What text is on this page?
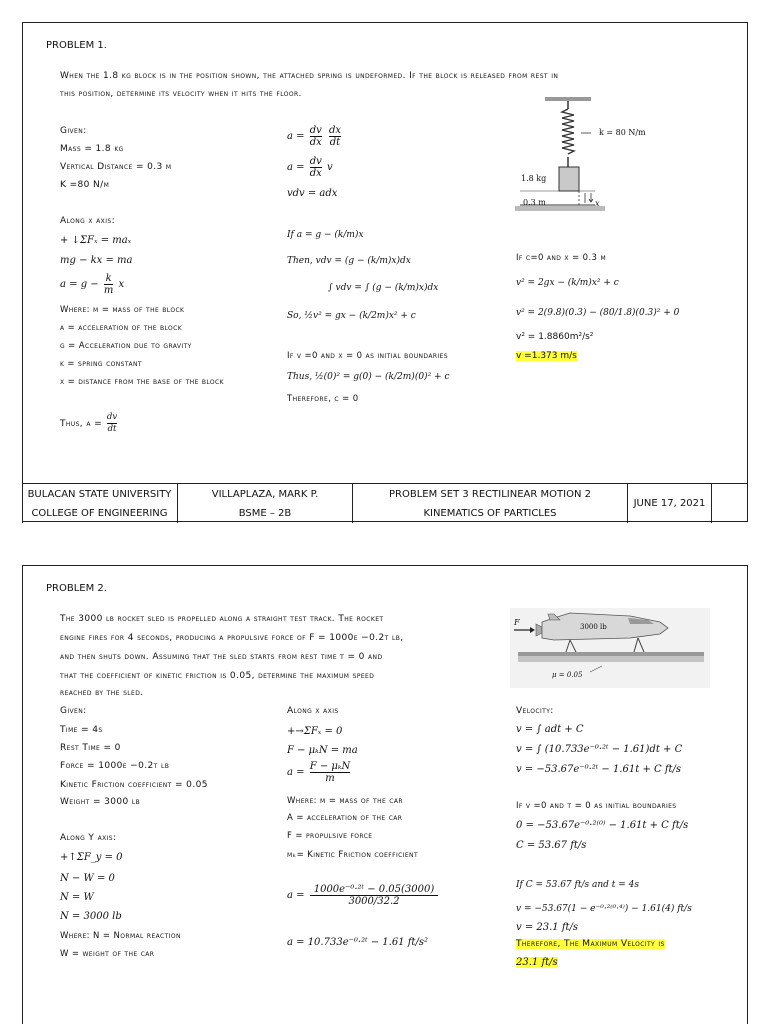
PROBLEM 1.
When the 1.8 kg block is in the position shown, the attached spring is undeformed. If the block is released from rest in
this position, determine its velocity when it hits the floor.
Given:
Mass = 1.8 kg
Vertical Distance = 0.3 m
K =80 N/m
Along x axis:
+ ↓ΣFₓ = maₓ
mg − kx = ma
$a = g - \frac{k}{m}$ x
Where: m = mass of the block
a = acceleration of the block
g = Acceleration due to gravity
k = spring constant
x = distance from the base of the block
Thus, $a = \frac{dv}{dt}$
$a = \frac{dv}{dx}$
$\frac{dx}{dt}$
$a = \frac{dv}{dx}$ v
vdv = adx
If a = g − (k/m)x
Then, vdv = (g − (k/m)x)dx
∫ vdv = ∫ (g − (k/m)x)dx
So, ½v² = gx − (k/2m)x² + c
If v =0 and x = 0 as initial boundaries
Thus, ½(0)² = g(0) − (k/2m)(0)² + c
Therefore, c = 0
If c=0 and x = 0.3 m
v² = 2gx − (k/m)x² + c
v² = 2(9.8)(0.3) − (80/1.8)(0.3)² + 0
v² = 1.8860m²/s²
v =1.373 m/s
k = 80 N/m
1.8 kg
0.3 m	x
BULACAN STATE UNIVERSITY
COLLEGE OF ENGINEERING
VILLAPLAZA, MARK P.
BSME – 2B
PROBLEM SET 3 RECTILINEAR MOTION 2
KINEMATICS OF PARTICLES
JUNE 17, 2021
PROBLEM 2.
The 3000 lb rocket sled is propelled along a straight test track. The rocket
engine fires for 4 seconds, producing a propulsive force of F = 1000e −0.2t lb,
and then shuts down. Assuming that the sled starts from rest time t = 0 and
that the coefficient of kinetic friction is 0.05, determine the maximum speed
reached by the sled.
Given:
Time = 4s
Rest Time = 0
Force = 1000e −0.2t lb
Kinetic Friction coefficient = 0.05
Weight = 3000 lb
Along Y axis:
+↑ΣF_y = 0
N − W = 0
N = W
N = 3000 lb
Where: N = Normal reaction
W = weight of the car
Along x axis
+→ΣFₓ = 0
F − μₖN = ma
$a = \frac{\text{F − μₖN}}{m}$
Where: m = mass of the car
A = acceleration of the car
F = propulsive force
μₖ= Kinetic Friction coefficient
$a = \frac{\text{1000e⁻⁰·²ᵗ − 0.05(3000)}}{3000/32.2}$
a = 10.733e⁻⁰·²ᵗ − 1.61 ft/s²
Velocity:
v = ∫ adt + C
v = ∫ (10.733e⁻⁰·²ᵗ − 1.61)dt + C
v = −53.67e⁻⁰·²ᵗ − 1.61t + C ft/s
If v =0 and t = 0 as initial boundaries
0 = −53.67e⁻⁰·²⁽⁰⁾ − 1.61t + C ft/s
C = 53.67 ft/s
If C = 53.67 ft/s and t = 4s
v = −53.67(1 − e⁻⁰·²⁽⁰·⁴⁾) − 1.61(4) ft/s
v = 23.1 ft/s
Therefore, The Maximum Velocity is
23.1 ft/s
F	3000 lb
μ = 0.05
